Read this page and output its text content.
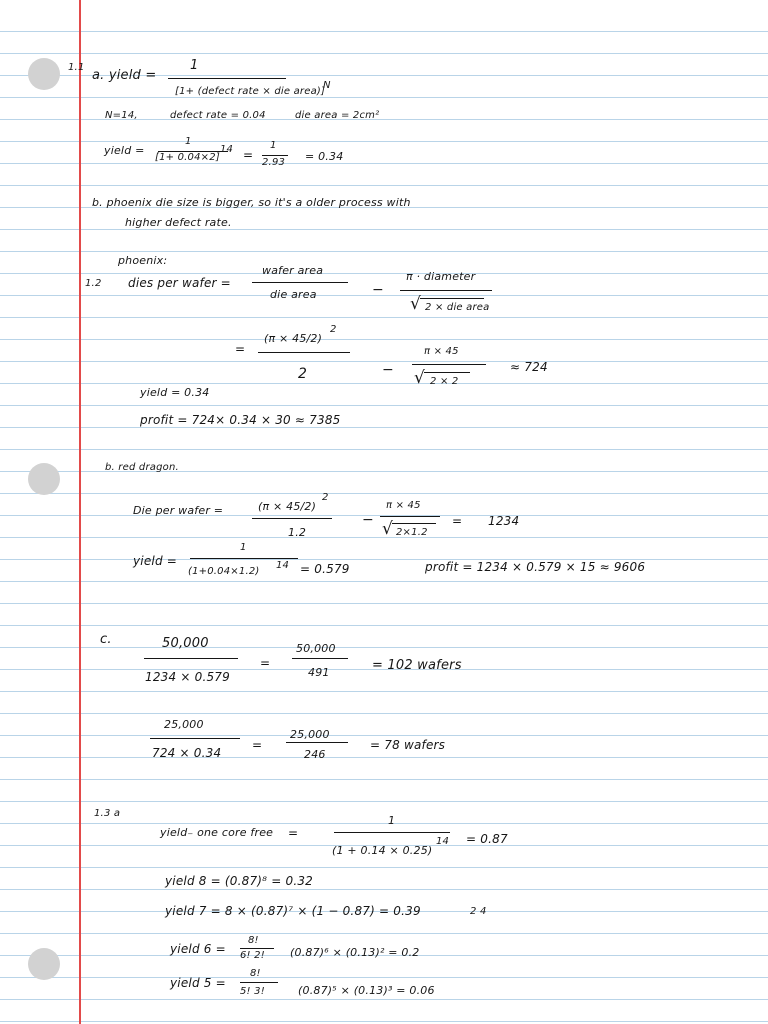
1.1
a. yield =
1
[1+ (defect rate × die area)]
N
N=14,	defect rate = 0.04	die area = 2cm²
yield =
1
[1+ 0.04×2]
14 =
1
2.93 = 0.34
b. phoenix die size is bigger, so it's a older process with
higher defect rate.
phoenix:
1.2 dies per wafer =
wafer area
die area	−
π · diameter
√ 2 × die area
=
(π × 45/2)
2
2	−
π × 45
√ 2 × 2
≈ 724
yield = 0.34
profit = 724× 0.34 × 30 ≈ 7385
b. red dragon.
Die per wafer =	(π × 45/2)
2
1.2
−
π × 45
√ 2×1.2
= 1234
yield =
1
(1+0.04×1.2)
14 = 0.579	profit = 1234 × 0.579 × 15 ≈ 9606
c.	50,000
1234 × 0.579
=
50,000
491	= 102 wafers
25,000
724 × 0.34
=
25,000
246
= 78 wafers
1.3 a
yield₋ one core free =
1
(1 + 0.14 × 0.25)
14 = 0.87
yield 8 = (0.87)⁸ = 0.32
yield 7 = 8 × (0.87)⁷ × (1 − 0.87) = 0.39	2 4
yield 6 =
8!
6! 2! (0.87)⁶ × (0.13)² = 0.2
yield 5 =
8!
5! 3!	(0.87)⁵ × (0.13)³ = 0.06
